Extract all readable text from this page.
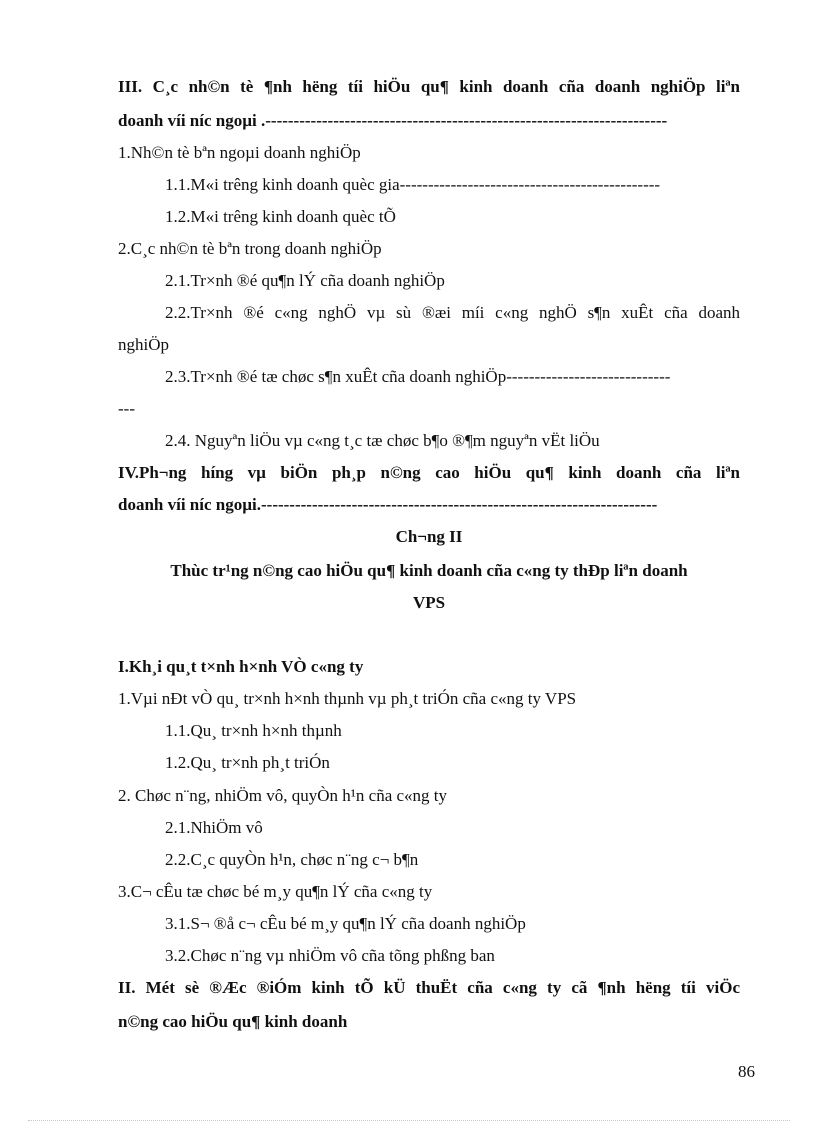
III. C¸c nh©n tè ¶nh hëng tíi hiÖu qu¶ kinh doanh cña doanh nghiÖp liªn
doanh víi níc ngoµi .-----------------------------------------------------------------------
1.Nh©n tè bªn ngoµi doanh nghiÖp
1.1.M«i trêng kinh doanh quèc gia----------------------------------------------
1.2.M«i trêng kinh doanh quèc tÕ
2.C¸c nh©n tè bªn trong doanh nghiÖp
2.1.Tr×nh ®é qu¶n lÝ cña doanh nghiÖp
2.2.Tr×nh ®é c«ng nghÖ vµ sù ®æi míi c«ng nghÖ s¶n xuÊt cña doanh
nghiÖp
2.3.Tr×nh ®é tæ chøc s¶n xuÊt cña doanh nghiÖp-----------------------------
---
2.4. Nguyªn liÖu vµ c«ng t¸c tæ chøc b¶o ®¶m nguyªn vËt liÖu
IV.Ph¬ng híng vµ biÖn ph¸p n©ng cao hiÖu qu¶ kinh doanh cña liªn
doanh víi níc ngoµi.----------------------------------------------------------------------
Ch¬ng II
Thùc tr¹ng n©ng cao hiÖu qu¶ kinh doanh cña c«ng ty thÐp liªn doanh
VPS
I.Kh¸i qu¸t t×nh h×nh VÒ c«ng ty
1.Vµi nÐt vÒ qu¸ tr×nh h×nh thµnh vµ ph¸t triÓn cña c«ng ty VPS
1.1.Qu¸ tr×nh h×nh thµnh
1.2.Qu¸ tr×nh ph¸t triÓn
2. Chøc n¨ng, nhiÖm vô, quyÒn h¹n cña c«ng ty
2.1.NhiÖm vô
2.2.C¸c quyÒn h¹n, chøc n¨ng c¬ b¶n
3.C¬ cÊu tæ chøc bé m¸y qu¶n lÝ cña c«ng ty
3.1.S¬ ®å c¬ cÊu bé m¸y qu¶n lÝ cña doanh nghiÖp
3.2.Chøc n¨ng vµ nhiÖm vô cña tõng phßng ban
II. Mét sè ®Æc ®iÓm kinh tÕ kÜ thuËt cña c«ng ty cã ¶nh hëng tíi viÖc
n©ng cao hiÖu qu¶ kinh doanh
86
